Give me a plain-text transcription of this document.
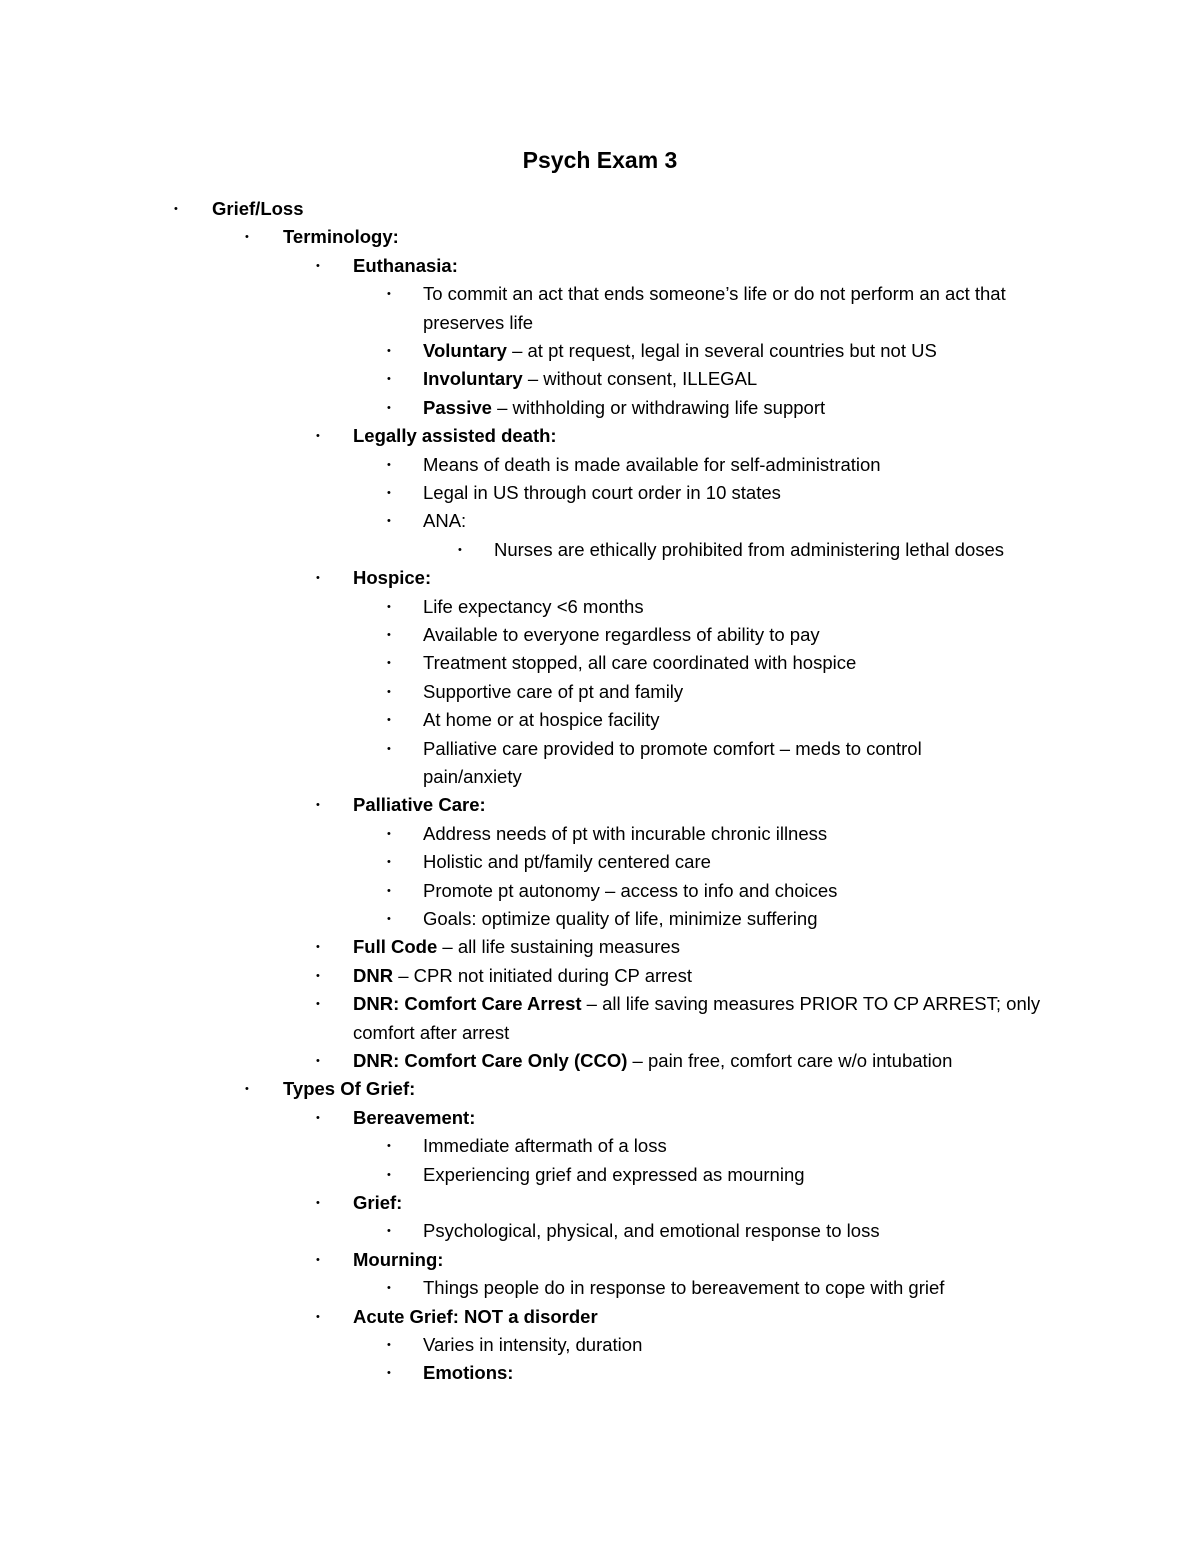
Psych Exam 3
• Grief/Loss
• Terminology:
• Euthanasia:
• To commit an act that ends someone’s life or do not perform an act that
preserves life
• Voluntary – at pt request, legal in several countries but not US
• Involuntary – without consent, ILLEGAL
• Passive – withholding or withdrawing life support
• Legally assisted death:
• Means of death is made available for self-administration
• Legal in US through court order in 10 states
• ANA:
• Nurses are ethically prohibited from administering lethal doses
• Hospice:
• Life expectancy <6 months
• Available to everyone regardless of ability to pay
• Treatment stopped, all care coordinated with hospice
• Supportive care of pt and family
• At home or at hospice facility
• Palliative care provided to promote comfort – meds to control
pain/anxiety
• Palliative Care:
• Address needs of pt with incurable chronic illness
• Holistic and pt/family centered care
• Promote pt autonomy – access to info and choices
• Goals: optimize quality of life, minimize suffering
• Full Code – all life sustaining measures
• DNR – CPR not initiated during CP arrest
• DNR: Comfort Care Arrest – all life saving measures PRIOR TO CP ARREST; only
comfort after arrest
• DNR: Comfort Care Only (CCO) – pain free, comfort care w/o intubation
• Types Of Grief:
• Bereavement:
• Immediate aftermath of a loss
• Experiencing grief and expressed as mourning
• Grief:
• Psychological, physical, and emotional response to loss
• Mourning:
• Things people do in response to bereavement to cope with grief
• Acute Grief: NOT a disorder
• Varies in intensity, duration
• Emotions:
